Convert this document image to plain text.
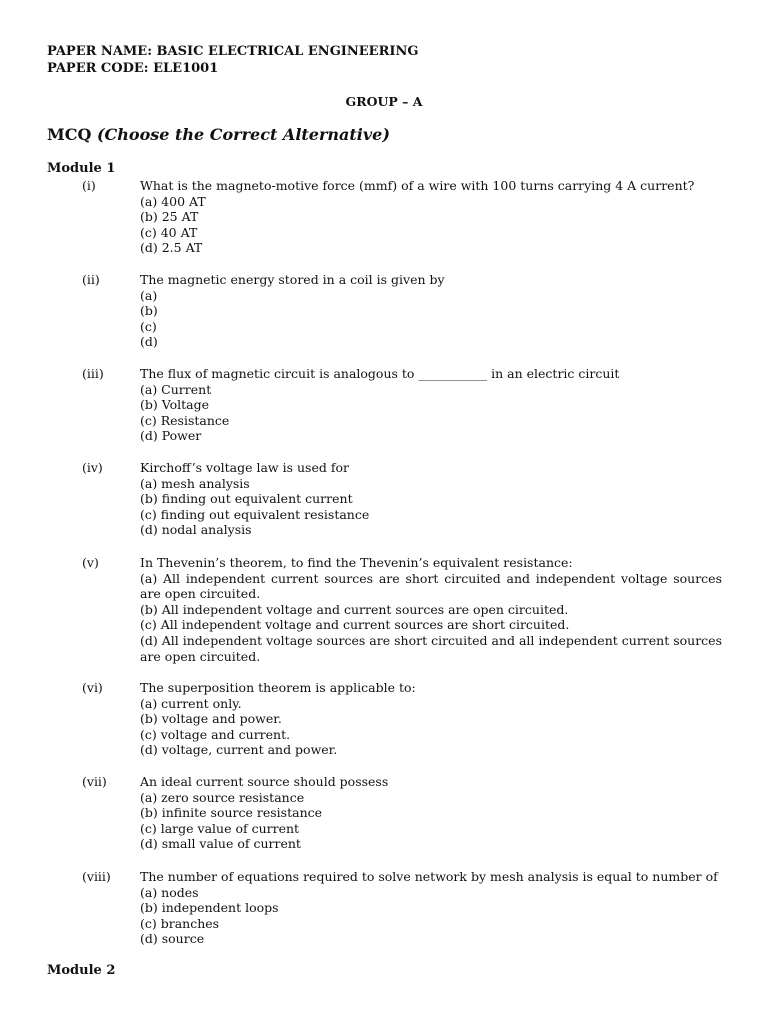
PAPER NAME: BASIC ELECTRICAL ENGINEERING
PAPER CODE: ELE1001
GROUP – A
MCQ (Choose the Correct Alternative)
Module 1
(i)	What is the magneto-motive force (mmf) of a wire with 100 turns carrying 4 A current?
(a) 400 AT
(b) 25 AT
(c) 40 AT
(d) 2.5 AT
(ii)	The magnetic energy stored in a coil is given by
(a)
(b)
(c)
(d)
(iii)	The flux of magnetic circuit is analogous to ___________ in an electric circuit
(a) Current
(b) Voltage
(c) Resistance
(d) Power
(iv)	Kirchoff’s voltage law is used for
(a) mesh analysis
(b) finding out equivalent current
(c) finding out equivalent resistance
(d) nodal analysis
(v)	In Thevenin’s theorem, to find the Thevenin’s equivalent resistance:
(a) All independent current sources are short circuited and independent voltage sources are open circuited.
(b) All independent voltage and current sources are open circuited.
(c) All independent voltage and current sources are short circuited.
(d) All independent voltage sources are short circuited and all independent current sources are open circuited.
(vi)	The superposition theorem is applicable to:
(a) current only.
(b) voltage and power.
(c) voltage and current.
(d) voltage, current and power.
(vii)	An ideal current source should possess
(a) zero source resistance
(b) infinite source resistance
(c) large value of current
(d) small value of current
(viii) The number of equations required to solve network by mesh analysis is equal to number of
(a) nodes
(b) independent loops
(c) branches
(d) source
Module 2
